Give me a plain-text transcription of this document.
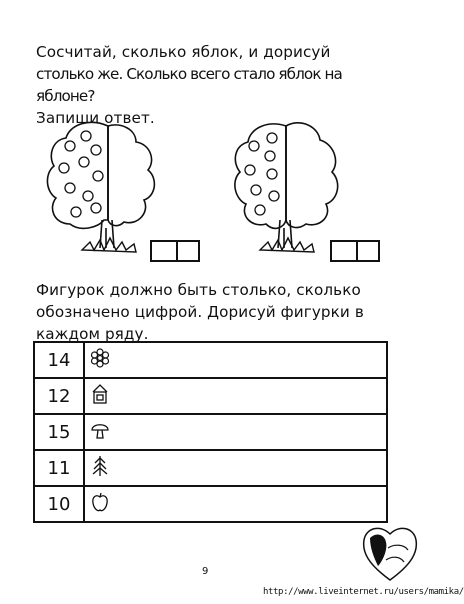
Сосчитай, сколько яблок, и дорисуй
столько же. Сколько всего стало яблок на яблоне?
Запиши ответ.
Фигурок должно быть столько, сколько
обозначено цифрой. Дорисуй фигурки в
каждом ряду.
14		
12		
15		
11		
10		
9
http://www.liveinternet.ru/users/mamika/
